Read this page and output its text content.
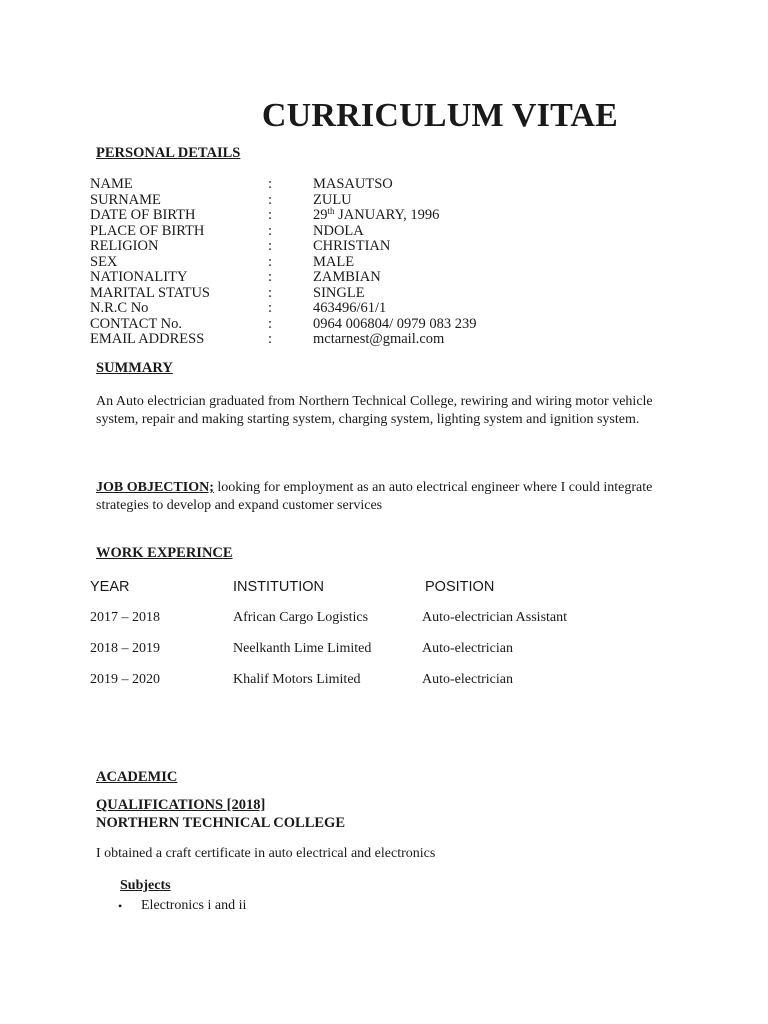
CURRICULUM VITAE
PERSONAL DETAILS
NAME	:	MASAUTSO
SURNAME	:	ZULU
DATE OF BIRTH	:	29th JANUARY, 1996
PLACE OF BIRTH	:	NDOLA
RELIGION	:	CHRISTIAN
SEX	:	MALE
NATIONALITY	:	ZAMBIAN
MARITAL STATUS	:	SINGLE
N.R.C No	:	463496/61/1
CONTACT No.	:	0964 006804/ 0979 083 239
EMAIL ADDRESS	:	mctarnest@gmail.com
SUMMARY
An Auto electrician graduated from Northern Technical College, rewiring and wiring motor vehicle system, repair and making starting system, charging system, lighting system and ignition system.
JOB OBJECTION; looking for employment as an auto electrical engineer where I could integrate strategies to develop and expand customer services
WORK EXPERINCE
YEAR	INSTITUTION	POSITION
2017 – 2018	African Cargo Logistics	Auto-electrician Assistant
2018 – 2019	Neelkanth Lime Limited	Auto-electrician
2019 – 2020	Khalif Motors Limited	Auto-electrician
ACADEMIC
QUALIFICATIONS [2018]
NORTHERN TECHNICAL COLLEGE
I obtained a craft certificate in auto electrical and electronics
Subjects
• Electronics i and ii
